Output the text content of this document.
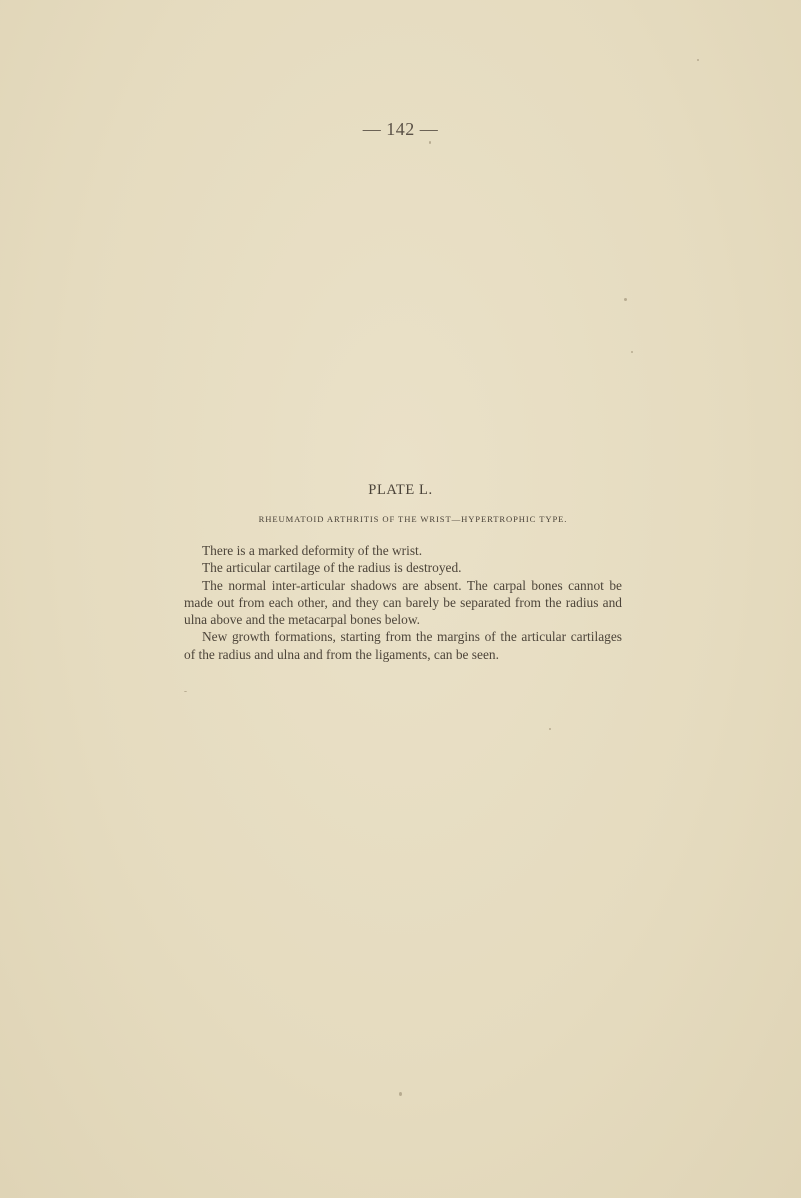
— 142 —
PLATE L.
RHEUMATOID ARTHRITIS OF THE WRIST—HYPERTROPHIC TYPE.

There is a marked deformity of the wrist.

The articular cartilage of the radius is destroyed.

The normal inter-articular shadows are absent. The carpal bones cannot be made out from each other, and they can barely be separated from the radius and ulna above and the metacarpal bones below.

New growth formations, starting from the margins of the articular cartilages of the radius and ulna and from the ligaments, can be seen.
